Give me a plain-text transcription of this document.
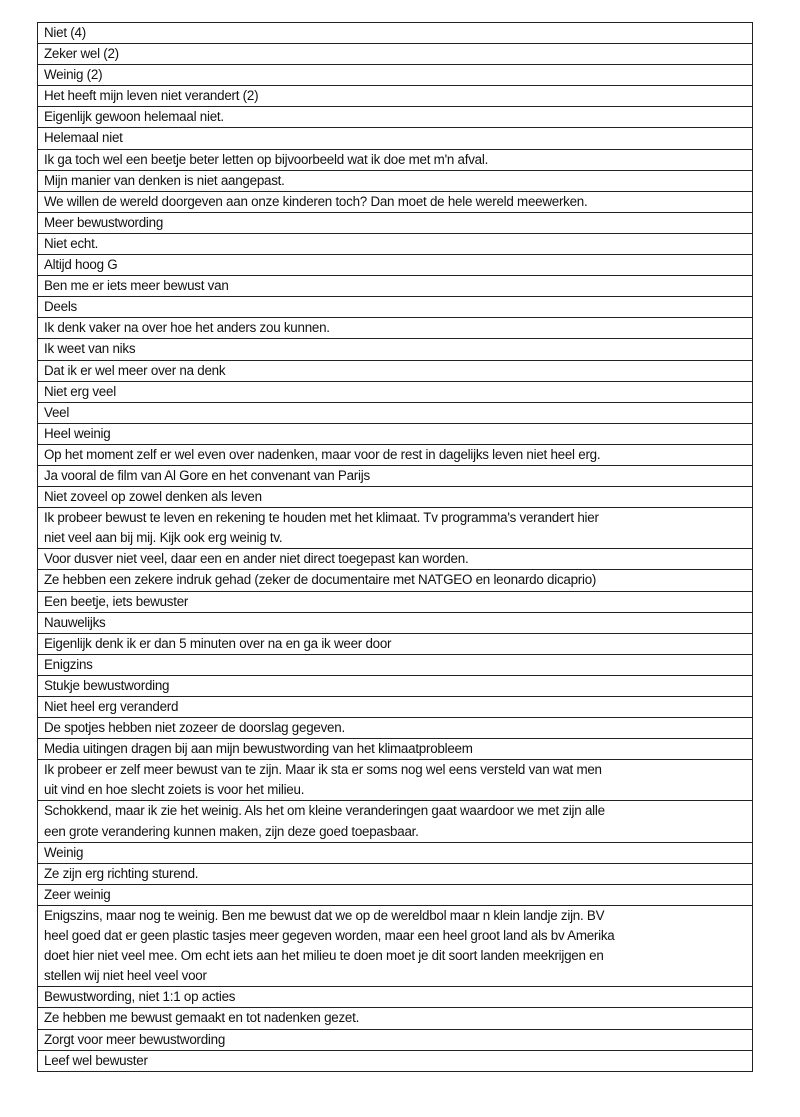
Niet (4)

Zeker wel (2)

Weinig (2)

Het heeft mijn leven niet verandert (2)

Eigenlijk gewoon helemaal niet.

Helemaal niet

Ik ga toch wel een beetje beter letten op bijvoorbeeld wat ik doe met m'n afval.

Mijn manier van denken is niet aangepast.

We willen de wereld doorgeven aan onze kinderen toch? Dan moet de hele wereld meewerken.

Meer bewustwording

Niet echt.

Altijd hoog G

Ben me er iets meer bewust van

Deels

Ik denk vaker na over hoe het anders zou kunnen.

Ik weet van niks

Dat ik er wel meer over na denk

Niet erg veel

Veel

Heel weinig

Op het moment zelf er wel even over nadenken, maar voor de rest in dagelijks leven niet heel erg.

Ja vooral de film van Al Gore en het convenant van Parijs

Niet zoveel op zowel denken als leven

Ik probeer bewust te leven en rekening te houden met het klimaat. Tv programma's verandert hier
niet veel aan bij mij. Kijk ook erg weinig tv.

Voor dusver niet veel, daar een en ander niet direct toegepast kan worden.

Ze hebben een zekere indruk gehad (zeker de documentaire met NATGEO en leonardo dicaprio)

Een beetje, iets bewuster

Nauwelijks

Eigenlijk denk ik er dan 5 minuten over na en ga ik weer door

Enigzins

Stukje bewustwording

Niet heel erg veranderd

De spotjes hebben niet zozeer de doorslag gegeven.

Media uitingen dragen bij aan mijn bewustwording van het klimaatprobleem

Ik probeer er zelf meer bewust van te zijn. Maar ik sta er soms nog wel eens versteld van wat men
uit vind en hoe slecht zoiets is voor het milieu.

Schokkend, maar ik zie het weinig. Als het om kleine veranderingen gaat waardoor we met zijn alle
een grote verandering kunnen maken, zijn deze goed toepasbaar.

Weinig

Ze zijn erg richting sturend.

Zeer weinig

Enigszins, maar nog te weinig. Ben me bewust dat we op de wereldbol maar n klein landje zijn. BV
heel goed dat er geen plastic tasjes meer gegeven worden, maar een heel groot land als bv Amerika
doet hier niet veel mee. Om echt iets aan het milieu te doen moet je dit soort landen meekrijgen en
stellen wij niet heel veel voor

Bewustwording, niet 1:1 op acties

Ze hebben me bewust gemaakt en tot nadenken gezet.

Zorgt voor meer bewustwording

Leef wel bewuster
